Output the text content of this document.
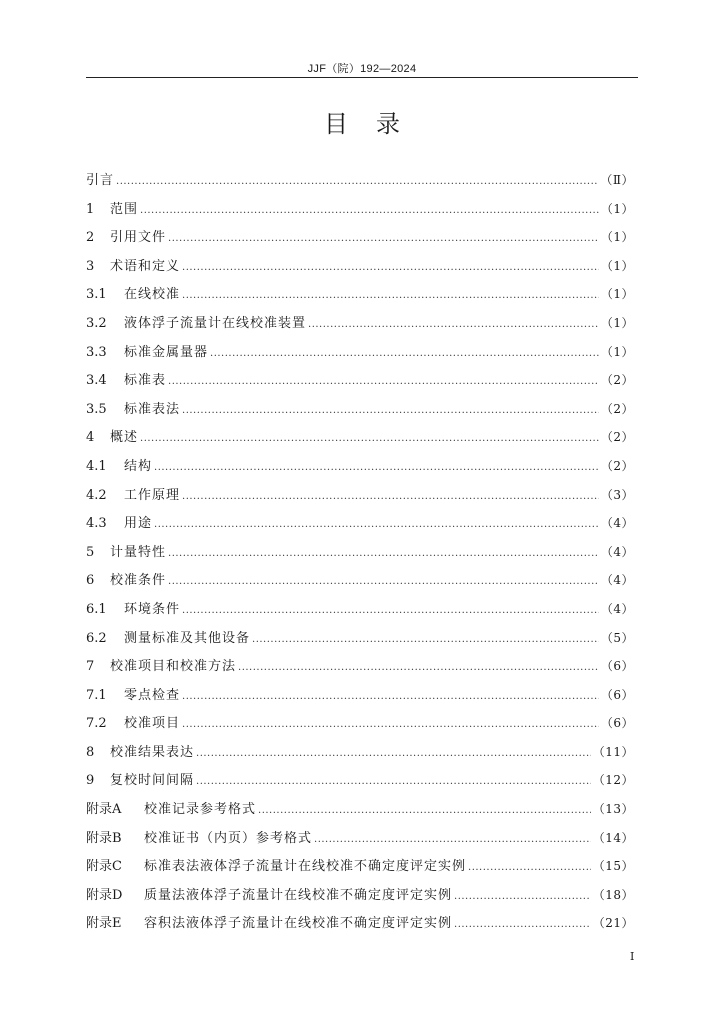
JJF（院）192—2024
目录
引言 .....	（Ⅱ）
1	范围 .....	（1）
2	引用文件 .....	（1）
3	术语和定义 .....	（1）
3.1	在线校准 .....	（1）
3.2	液体浮子流量计在线校准装置 .....	（1）
3.3	标准金属量器 .....	（1）
3.4	标准表 .....	（2）
3.5	标准表法 .....	（2）
4	概述 .....	（2）
4.1	结构 .....	（2）
4.2	工作原理 .....	（3）
4.3	用途 .....	（4）
5	计量特性 .....	（4）
6	校准条件 .....	（4）
6.1	环境条件 .....	（4）
6.2	测量标准及其他设备 .....	（5）
7	校准项目和校准方法 .....	（6）
7.1	零点检查 .....	（6）
7.2	校准项目 .....	（6）
8	校准结果表达 .....	（11）
9	复校时间间隔 .....	（12）
附录A	校准记录参考格式 .....	（13）
附录B	校准证书（内页）参考格式 .....	（14）
附录C	标准表法液体浮子流量计在线校准不确定度评定实例 .....	（15）
附录D	质量法液体浮子流量计在线校准不确定度评定实例 .....	（18）
附录E	容积法液体浮子流量计在线校准不确定度评定实例 .....	（21）
I
